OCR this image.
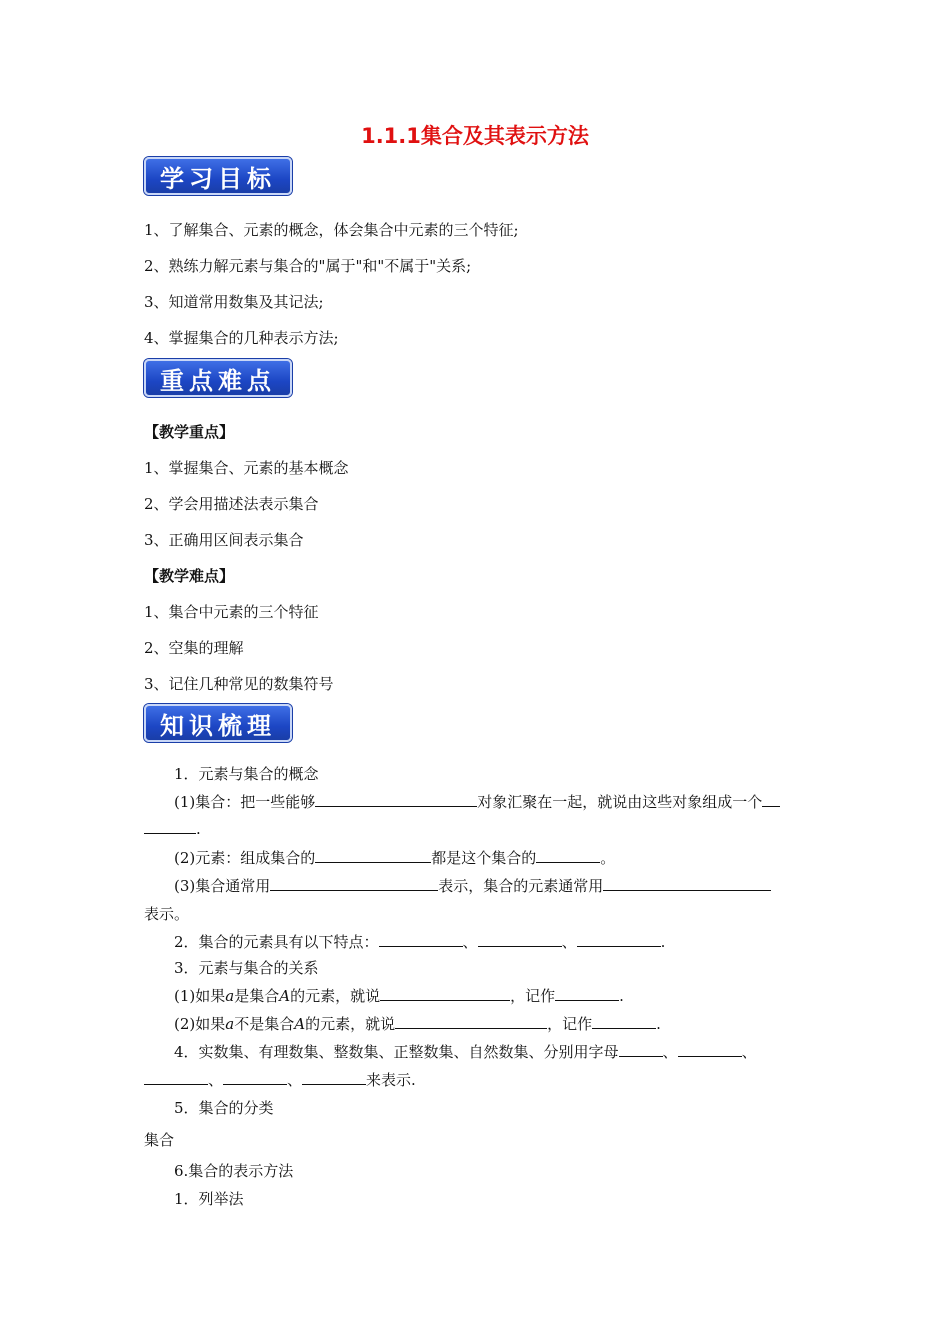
1.1.1集合及其表示方法
学习目标
1、了解集合、元素的概念，体会集合中元素的三个特征;
2、熟练力解元素与集合的"属于"和"不属于"关系;
3、知道常用数集及其记法;
4、掌握集合的几种表示方法;
重点难点
【教学重点】
1、掌握集合、元素的基本概念
2、学会用描述法表示集合
3、正确用区间表示集合
【教学难点】
1、集合中元素的三个特征
2、空集的理解
3、记住几种常见的数集符号
知识梳理
1．元素与集合的概念
(1)集合：把一些能够	对象汇聚在一起，就说由这些对象组成一个
.
(2)元素：组成集合的	都是这个集合的	。
(3)集合通常用	表示，集合的元素通常用
表示。
2．集合的元素具有以下特点：	、	、	.
3．元素与集合的关系
(1)如果a是集合A的元素，就说	，记作	.
(2)如果a不是集合A的元素，就说	，记作	.
4．实数集、有理数集、整数集、正整数集、自然数集、分别用字母	、	、
、	、	来表示.
5．集合的分类
集合
6.集合的表示方法
1．列举法
